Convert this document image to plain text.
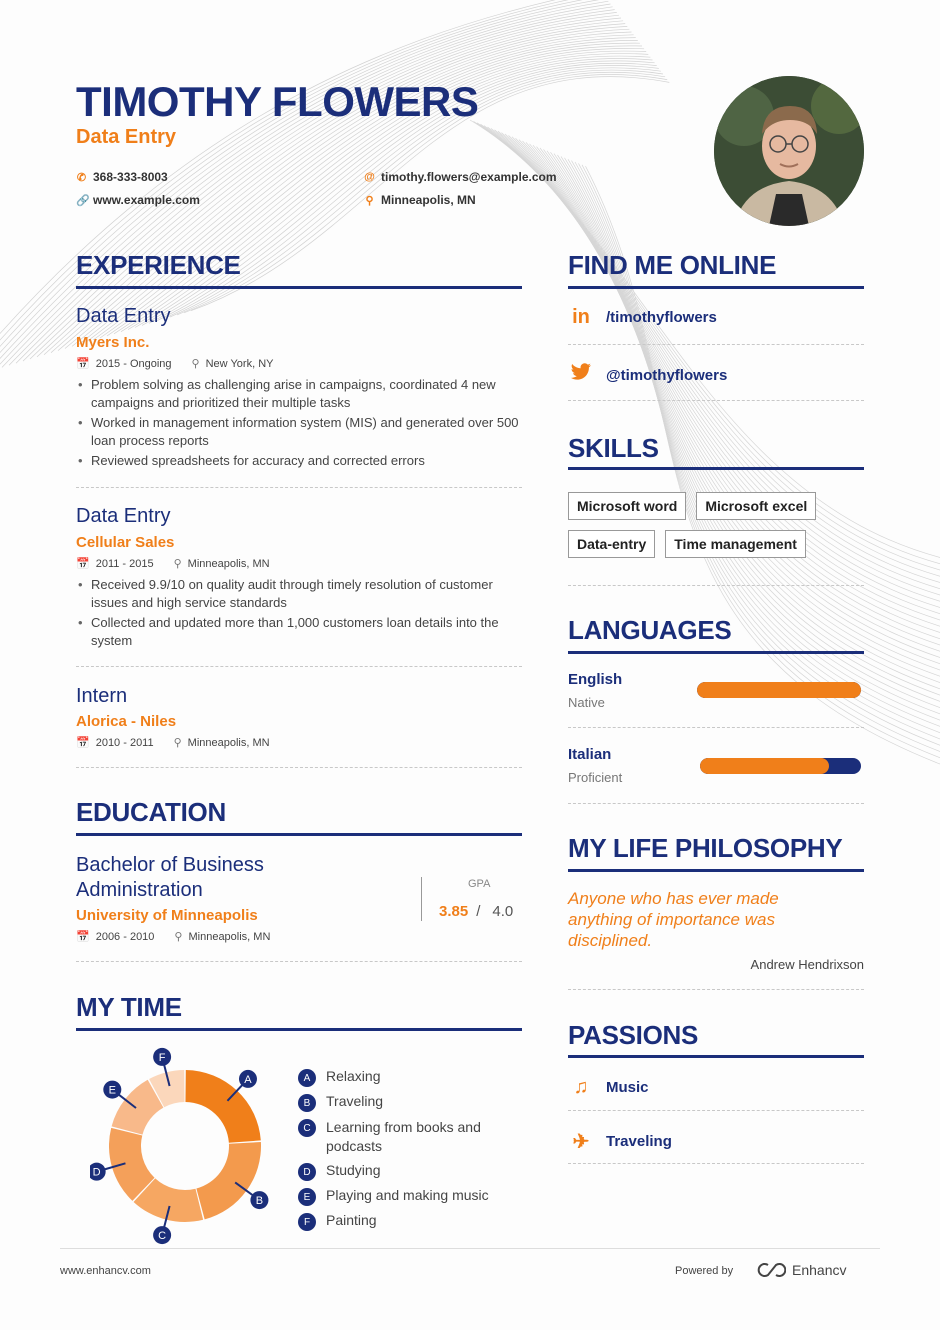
TIMOTHY FLOWERS
Data Entry
✆ 368-333-8003
🔗 www.example.com
@ timothy.flowers@example.com
⚲ Minneapolis, MN
EXPERIENCE
Data Entry
Myers Inc.
📅 2015 - Ongoing ⚲ New York, NY
• Problem solving as challenging arise in campaigns, coordinated 4 new campaigns and prioritized their multiple tasks
• Worked in management information system (MIS) and generated over 500 loan process reports
• Reviewed spreadsheets for accuracy and corrected errors
Data Entry
Cellular Sales
📅 2011 - 2015 ⚲ Minneapolis, MN
• Received 9.9/10 on quality audit through timely resolution of customer issues and high service standards
• Collected and updated more than 1,000 customers loan details into the system
Intern
Alorica - Niles
📅 2010 - 2011 ⚲ Minneapolis, MN
EDUCATION
Bachelor of Business
Administration
University of Minneapolis
📅 2006 - 2010 ⚲ Minneapolis, MN
GPA
3.85 / 4.0
MY TIME
A
B
C
D
E
F
A	Relaxing
B	Traveling
C	Learning from books and podcasts
D	Studying
E	Playing and making music
F	Painting
FIND ME ONLINE
in /timothyflowers
@timothyflowers
SKILLS
Microsoft word	Microsoft excel
Data-entry	Time management
LANGUAGES
English
Native
Italian
Proficient
MY LIFE PHILOSOPHY
Anyone who has ever made anything of importance was disciplined.
Andrew Hendrixson
PASSIONS
♫	Music
✈	Traveling
www.enhancv.com	Powered by	Enhancv
